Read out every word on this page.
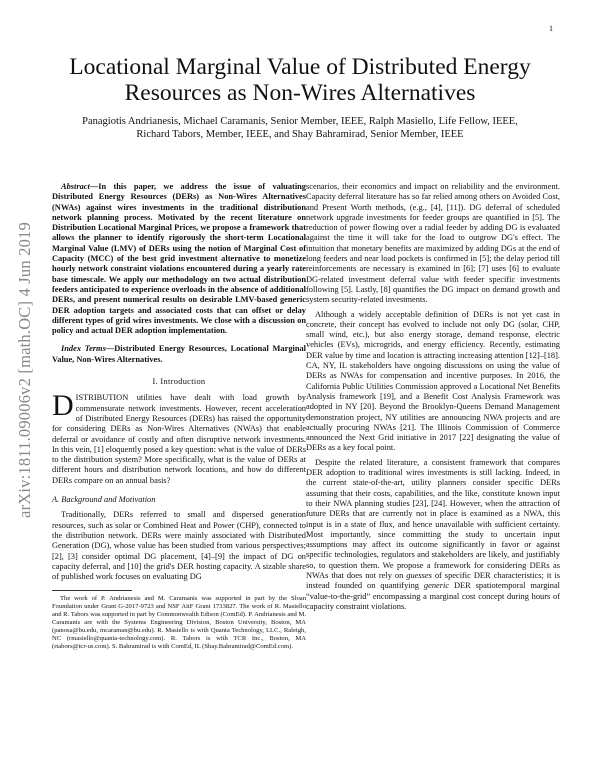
1
arXiv:1811.09006v2 [math.OC] 4 Jun 2019
Locational Marginal Value of Distributed Energy Resources as Non-Wires Alternatives
Panagiotis Andrianesis, Michael Caramanis, Senior Member, IEEE, Ralph Masiello, Life Fellow, IEEE,
Richard Tabors, Member, IEEE, and Shay Bahramirad, Senior Member, IEEE

Abstract—In this paper, we address the issue of valuating Distributed Energy Resources (DERs) as Non-Wires Alternatives (NWAs) against wires investments in the traditional distribution network planning process. Motivated by the recent literature on Distribution Locational Marginal Prices, we propose a framework that allows the planner to identify rigorously the short-term Locational Marginal Value (LMV) of DERs using the notion of Marginal Cost of Capacity (MCC) of the best grid investment alternative to monetize hourly network constraint violations encountered during a yearly rate base timescale. We apply our methodology on two actual distribution feeders anticipated to experience overloads in the absence of additional DERs, and present numerical results on desirable LMV-based generic DER adoption targets and associated costs that can offset or delay different types of grid wires investments. We close with a discussion on policy and actual DER adoption implementation.

Index Terms—Distributed Energy Resources, Locational Marginal Value, Non-Wires Alternatives.

I. Introduction

DISTRIBUTION utilities have dealt with load growth by commensurate network investments. However, recent acceleration of Distributed Energy Resources (DERs) has raised the opportunity for considering DERs as Non-Wires Alternatives (NWAs) that enable deferral or avoidance of costly and often disruptive network investments. In this vein, [1] eloquently posed a key question: what is the value of DERs to the distribution system? More specifically, what is the value of DERs at different hours and distribution network locations, and how do different DERs compare on an annual basis?

A. Background and Motivation

Traditionally, DERs referred to small and dispersed generation resources, such as solar or Combined Heat and Power (CHP), connected to the distribution network. DERs were mainly associated with Distributed Generation (DG), whose value has been studied from various perspectives; [2], [3] consider optimal DG placement, [4]–[9] the impact of DG on capacity deferral, and [10] the grid's DER hosting capacity. A sizable share of published work focuses on evaluating DG

The work of P. Andrianesis and M. Caramanis was supported in part by the Sloan Foundation under Grant G-2017-9723 and NSF AitF Grant 1733827. The work of R. Masiello and R. Tabors was supported in part by Commonwealth Edison (ComEd). P. Andrianesis and M. Caramanis are with the Systems Engineering Division, Boston University, Boston, MA (panosa@bu.edu, mcaraman@bu.edu). R. Masiello is with Quanta Technology, LLC., Raleigh, NC (rmasiello@quanta-technology.com). R. Tabors is with TCR Inc., Boston, MA (rtabors@tcr-us.com). S. Bahramirad is with ComEd, IL (Shay.Bahramirad@ComEd.com).

scenarios, their economics and impact on reliability and the environment. Capacity deferral literature has so far relied among others on Avoided Cost, and Present Worth methods, (e.g., [4], [11]). DG deferral of scheduled network upgrade investments for feeder groups are quantified in [5]. The reduction of power flowing over a radial feeder by adding DG is evaluated against the time it will take for the load to outgrow DG's effect. The intuition that monetary benefits are maximized by adding DGs at the end of long feeders and near load pockets is confirmed in [5]; the delay period till reinforcements are necessary is examined in [6]; [7] uses [6] to evaluate DG-related investment deferral value with feeder specific investments following [5]. Lastly, [8] quantifies the DG impact on demand growth and system security-related investments.

Although a widely acceptable definition of DERs is not yet cast in concrete, their concept has evolved to include not only DG (solar, CHP, small wind, etc.), but also energy storage, demand response, electric vehicles (EVs), microgrids, and energy efficiency. Recently, estimating DER value by time and location is attracting increasing attention [12]–[18]. CA, NY, IL stakeholders have ongoing discussions on using the value of DERs as NWAs for compensation and incentive purposes. In 2016, the California Public Utilities Commission approved a Locational Net Benefits Analysis framework [19], and a Benefit Cost Analysis Framework was adopted in NY [20]. Beyond the Brooklyn-Queens Demand Management demonstration project, NY utilities are announcing NWA projects and are actually procuring NWAs [21]. The Illinois Commission of Commerce announced the Next Grid initiative in 2017 [22] designating the value of DERs as a key focal point.

Despite the related literature, a consistent framework that compares DER adoption to traditional wires investments is still lacking. Indeed, in the current state-of-the-art, utility planners consider specific DERs assuming that their costs, capabilities, and the like, constitute known input to their NWA planning studies [23], [24]. However, when the attraction of future DERs that are currently not in place is examined as a NWA, this input is in a state of flux, and hence unavailable with sufficient certainty. Most importantly, since committing the study to uncertain input assumptions may affect its outcome significantly in favor or against specific technologies, regulators and stakeholders are likely, and justifiably so, to question them. We propose a framework for considering DERs as NWAs that does not rely on guesses of specific DER characteristics; it is instead founded on quantifying generic DER spatiotemporal marginal “value-to-the-grid” encompassing a marginal cost concept during hours of capacity constraint violations.
